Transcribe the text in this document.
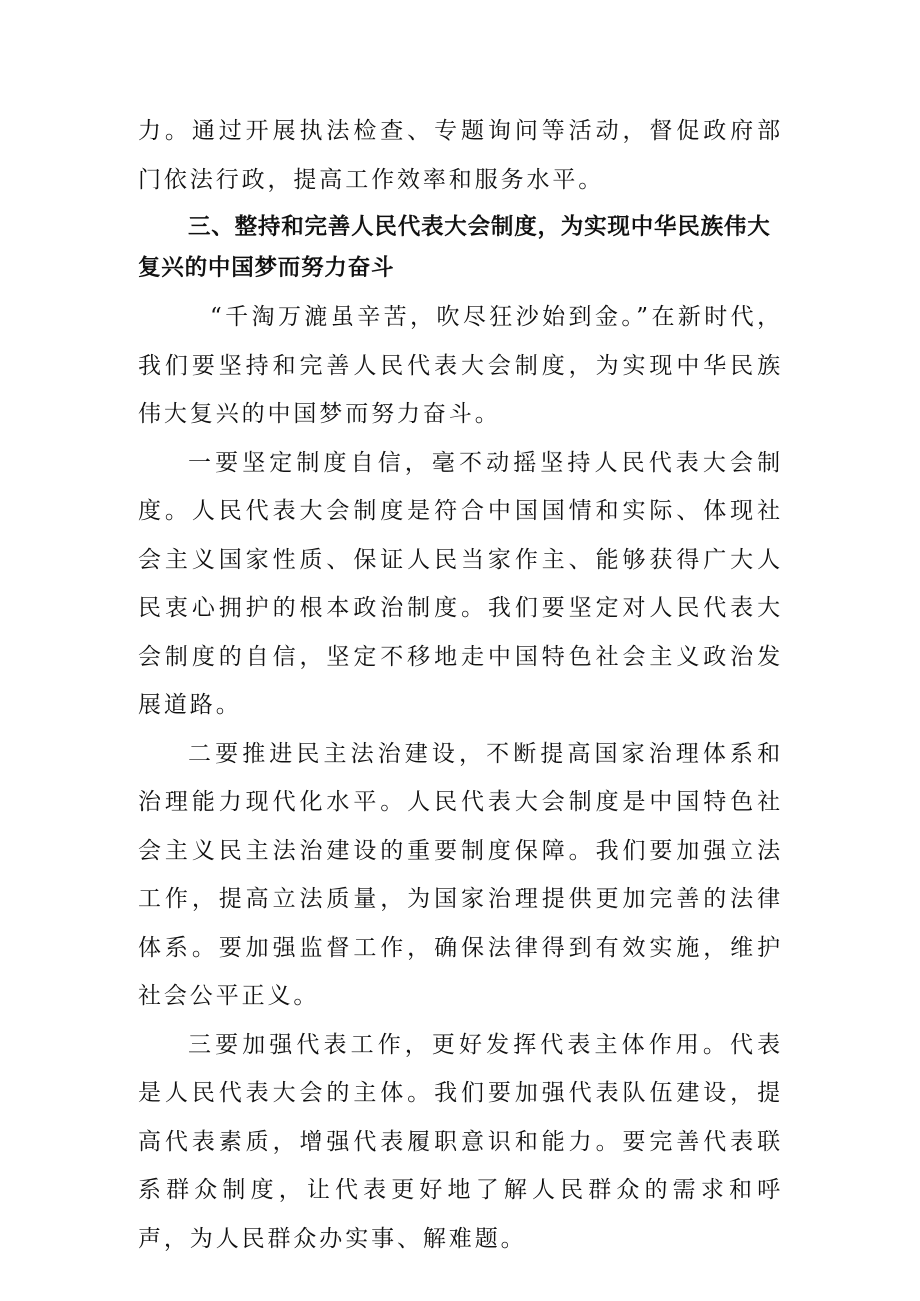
力。通过开展执法检查、专题询问等活动，督促政府部门依法行政，提高工作效率和服务水平。

三、整持和完善人民代表大会制度，为实现中华民族伟大复兴的中国梦而努力奋斗

“千淘万漉虽辛苦，吹尽狂沙始到金。”在新时代，我们要坚持和完善人民代表大会制度，为实现中华民族伟大复兴的中国梦而努力奋斗。

一要坚定制度自信，毫不动摇坚持人民代表大会制度。人民代表大会制度是符合中国国情和实际、体现社会主义国家性质、保证人民当家作主、能够获得广大人民衷心拥护的根本政治制度。我们要坚定对人民代表大会制度的自信，坚定不移地走中国特色社会主义政治发展道路。

二要推进民主法治建设，不断提高国家治理体系和治理能力现代化水平。人民代表大会制度是中国特色社会主义民主法治建设的重要制度保障。我们要加强立法工作，提高立法质量，为国家治理提供更加完善的法律体系。要加强监督工作，确保法律得到有效实施，维护社会公平正义。

三要加强代表工作，更好发挥代表主体作用。代表是人民代表大会的主体。我们要加强代表队伍建设，提高代表素质，增强代表履职意识和能力。要完善代表联系群众制度，让代表更好地了解人民群众的需求和呼声，为人民群众办实事、解难题。
